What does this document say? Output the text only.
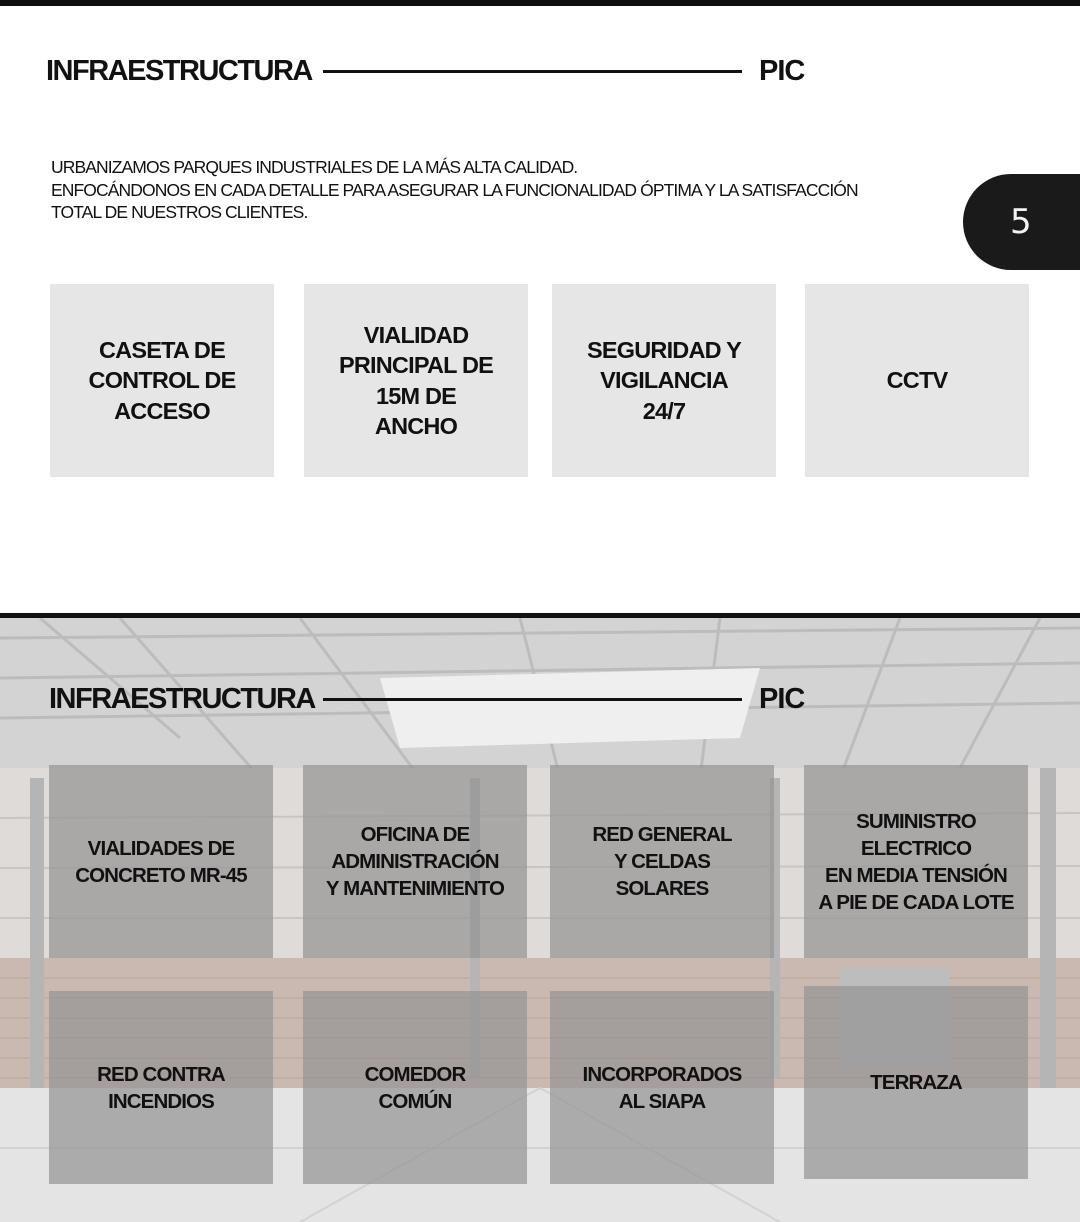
INFRAESTRUCTURA	PIC
URBANIZAMOS PARQUES INDUSTRIALES DE LA MÁS ALTA CALIDAD.
ENFOCÁNDONOS EN CADA DETALLE PARA ASEGURAR LA FUNCIONALIDAD ÓPTIMA Y LA SATISFACCIÓN
TOTAL DE NUESTROS CLIENTES.	5
CASETA DE
CONTROL DE
ACCESO
VIALIDAD
PRINCIPAL DE
15M DE
ANCHO
SEGURIDAD Y
VIGILANCIA
24/7
CCTV
INFRAESTRUCTURA	PIC
VIALIDADES DE
CONCRETO MR-45
OFICINA DE
ADMINISTRACIÓN
Y MANTENIMIENTO
RED GENERAL
Y CELDAS
SOLARES
SUMINISTRO
ELECTRICO
EN MEDIA TENSIÓN
A PIE DE CADA LOTE
RED CONTRA
INCENDIOS
COMEDOR
COMÚN
INCORPORADOS
AL SIAPA
TERRAZA
